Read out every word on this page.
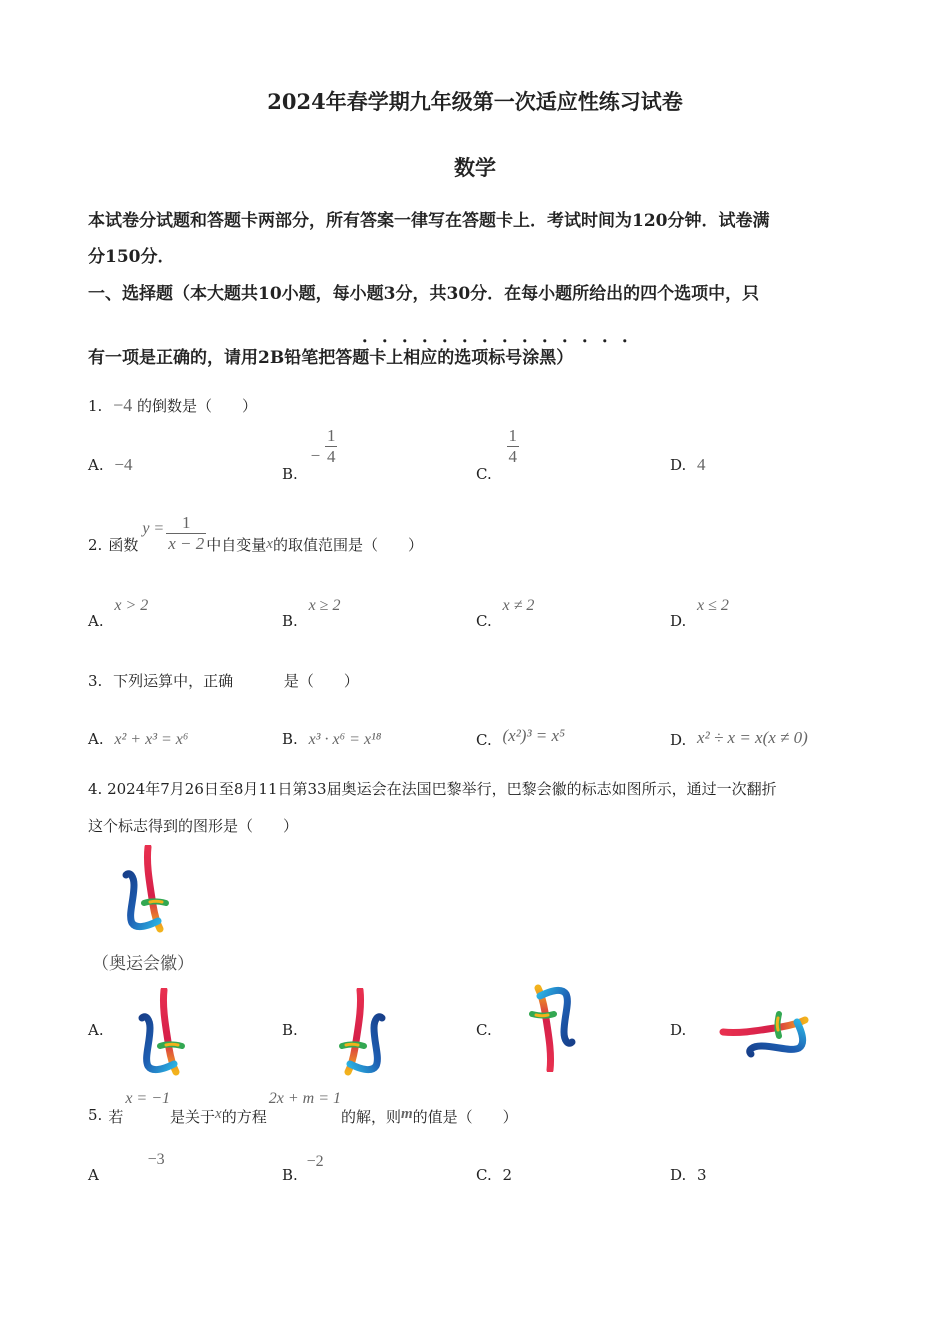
2024年春学期九年级第一次适应性练习试卷
数学
本试卷分试题和答题卡两部分，所有答案一律写在答题卡上．考试时间为120分钟．试卷满
分150分．
一、选择题（本大题共10小题，每小题3分，共30分．在每小题所给出的四个选项中，只
．．．．．．．．．．．．．．
有一项是正确的，请用2B铅笔把答题卡上相应的选项标号涂黑）
1. −4 的倒数是（　　）
A. −4	B. − $\frac{1}{4}$
C.
$\frac{1}{4}$	D. 4
2. 函数
$y = \frac{1}{x - 2}$ 中自变量 x 的取值范围是（　　）
A. x > 2
B. x ≥ 2
C. x ≠ 2
D. x ≤ 2
3. 下列运算中，正确	是（　　）
A. x² + x³ = x⁶	B. x³ · x⁶ = x¹⁸	C. (x²)³ = x⁵	D. x² ÷ x = x(x ≠ 0)
4. 2024年7月26日至8月11日第33届奥运会在法国巴黎举行，巴黎会徽的标志如图所示，通过一次翻折
这个标志得到的图形是（　　）
（奥运会徽）
A.	B.	C.	D.
5. 若
x = −1
是关于 x 的方程
2x + m = 1
的解，则 m 的值是（　　）
A −3
B. −2
C. 2	D. 3
